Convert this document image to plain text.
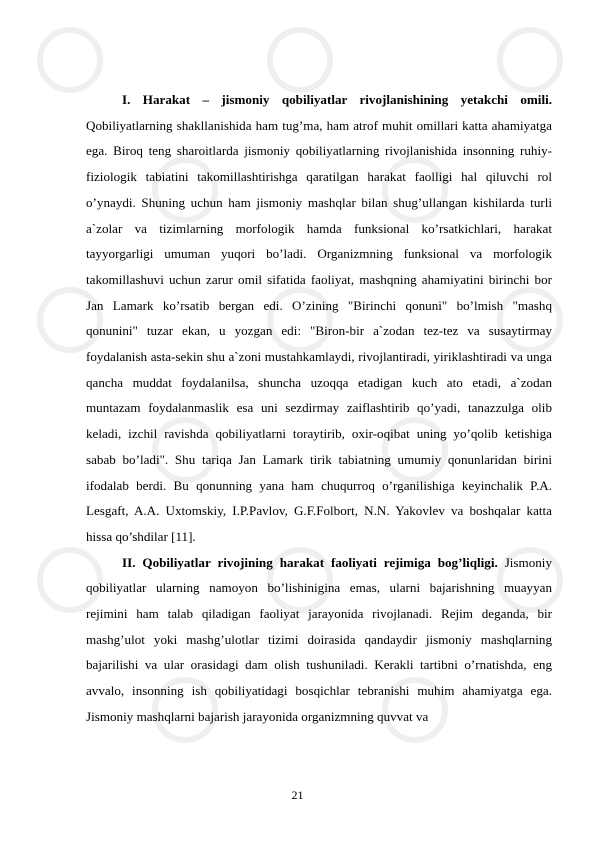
I. Harakat – jismoniy qobiliyatlar rivojlanishining yetakchi omili. Qobiliyatlarning shakllanishida ham tug’ma, ham atrof muhit omillari katta ahamiyatga ega. Biroq teng sharoitlarda jismoniy qobiliyatlarning rivojlanishida insonning ruhiy-fiziologik tabiatini takomillashtirishga qaratilgan harakat faolligi hal qiluvchi rol o’ynaydi. Shuning uchun ham jismoniy mashqlar bilan shug’ullangan kishilarda turli a`zolar va tizimlarning morfologik hamda funksional ko’rsatkichlari, harakat tayyorgarligi umuman yuqori bo’ladi. Organizmning funksional va morfologik takomillashuvi uchun zarur omil sifatida faoliyat, mashqning ahamiyatini birinchi bor Jan Lamark ko’rsatib bergan edi. O’zining "Birinchi qonuni" bo’lmish "mashq qonunini" tuzar ekan, u yozgan edi: "Biron-bir a`zodan tez-tez va susaytirmay foydalanish asta-sekin shu a`zoni mustahkamlaydi, rivojlantiradi, yiriklashtiradi va unga qancha muddat foydalanilsa, shuncha uzoqqa etadigan kuch ato etadi, a`zodan muntazam foydalanmaslik esa uni sezdirmay zaiflashtirib qo’yadi, tanazzulga olib keladi, izchil ravishda qobiliyatlarni toraytirib, oxir-oqibat uning yo’qolib ketishiga sabab bo’ladi". Shu tariqa Jan Lamark tirik tabiatning umumiy qonunlaridan birini ifodalab berdi. Bu qonunning yana ham chuqurroq o’rganilishiga keyinchalik P.A. Lesgaft, A.A. Uxtomskiy, I.P.Pavlov, G.F.Folbort, N.N. Yakovlev va boshqalar katta hissa qo’shdilar [11].

II. Qobiliyatlar rivojining harakat faoliyati rejimiga bog’liqligi. Jismoniy qobiliyatlar ularning namoyon bo’lishinigina emas, ularni bajarishning muayyan rejimini ham talab qiladigan faoliyat jarayonida rivojlanadi. Rejim deganda, bir mashg’ulot yoki mashg’ulotlar tizimi doirasida qandaydir jismoniy mashqlarning bajarilishi va ular orasidagi dam olish tushuniladi. Kerakli tartibni o’rnatishda, eng avvalo, insonning ish qobiliyatidagi bosqichlar tebranishi muhim ahamiyatga ega. Jismoniy mashqlarni bajarish jarayonida organizmning quvvat va

21
